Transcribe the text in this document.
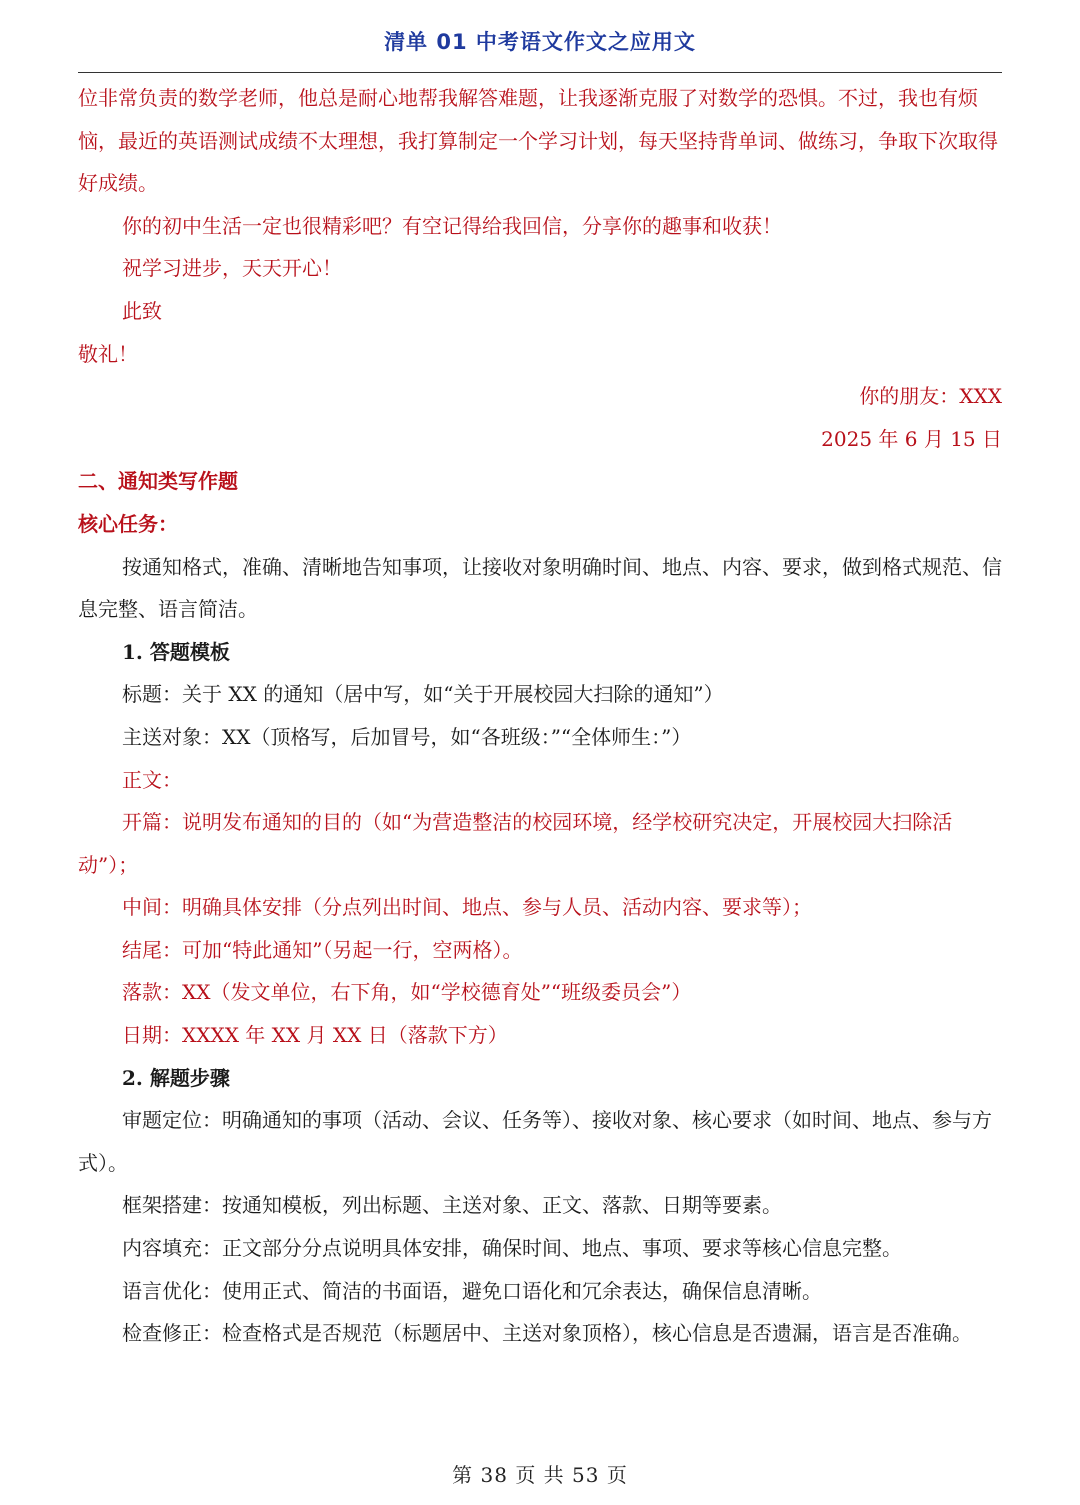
清单 01 中考语文作文之应用文

位非常负责的数学老师，他总是耐心地帮我解答难题，让我逐渐克服了对数学的恐惧。不过，我也有烦恼，最近的英语测试成绩不太理想，我打算制定一个学习计划，每天坚持背单词、做练习，争取下次取得好成绩。

你的初中生活一定也很精彩吧？有空记得给我回信，分享你的趣事和收获！

祝学习进步，天天开心！

此致

敬礼！

你的朋友：XXX

2025 年 6 月 15 日

二、通知类写作题

核心任务：

按通知格式，准确、清晰地告知事项，让接收对象明确时间、地点、内容、要求，做到格式规范、信息完整、语言简洁。

1. 答题模板

标题：关于 XX 的通知（居中写，如“关于开展校园大扫除的通知”）

主送对象：XX（顶格写，后加冒号，如“各班级：”“全体师生：”）

正文：

开篇：说明发布通知的目的（如“为营造整洁的校园环境，经学校研究决定，开展校园大扫除活动”）；

中间：明确具体安排（分点列出时间、地点、参与人员、活动内容、要求等）；

结尾：可加“特此通知”（另起一行，空两格）。

落款：XX（发文单位，右下角，如“学校德育处”“班级委员会”）

日期：XXXX 年 XX 月 XX 日（落款下方）

2. 解题步骤

审题定位：明确通知的事项（活动、会议、任务等）、接收对象、核心要求（如时间、地点、参与方式）。

框架搭建：按通知模板，列出标题、主送对象、正文、落款、日期等要素。

内容填充：正文部分分点说明具体安排，确保时间、地点、事项、要求等核心信息完整。

语言优化：使用正式、简洁的书面语，避免口语化和冗余表达，确保信息清晰。

检查修正：检查格式是否规范（标题居中、主送对象顶格），核心信息是否遗漏，语言是否准确。

第 38 页 共 53 页
